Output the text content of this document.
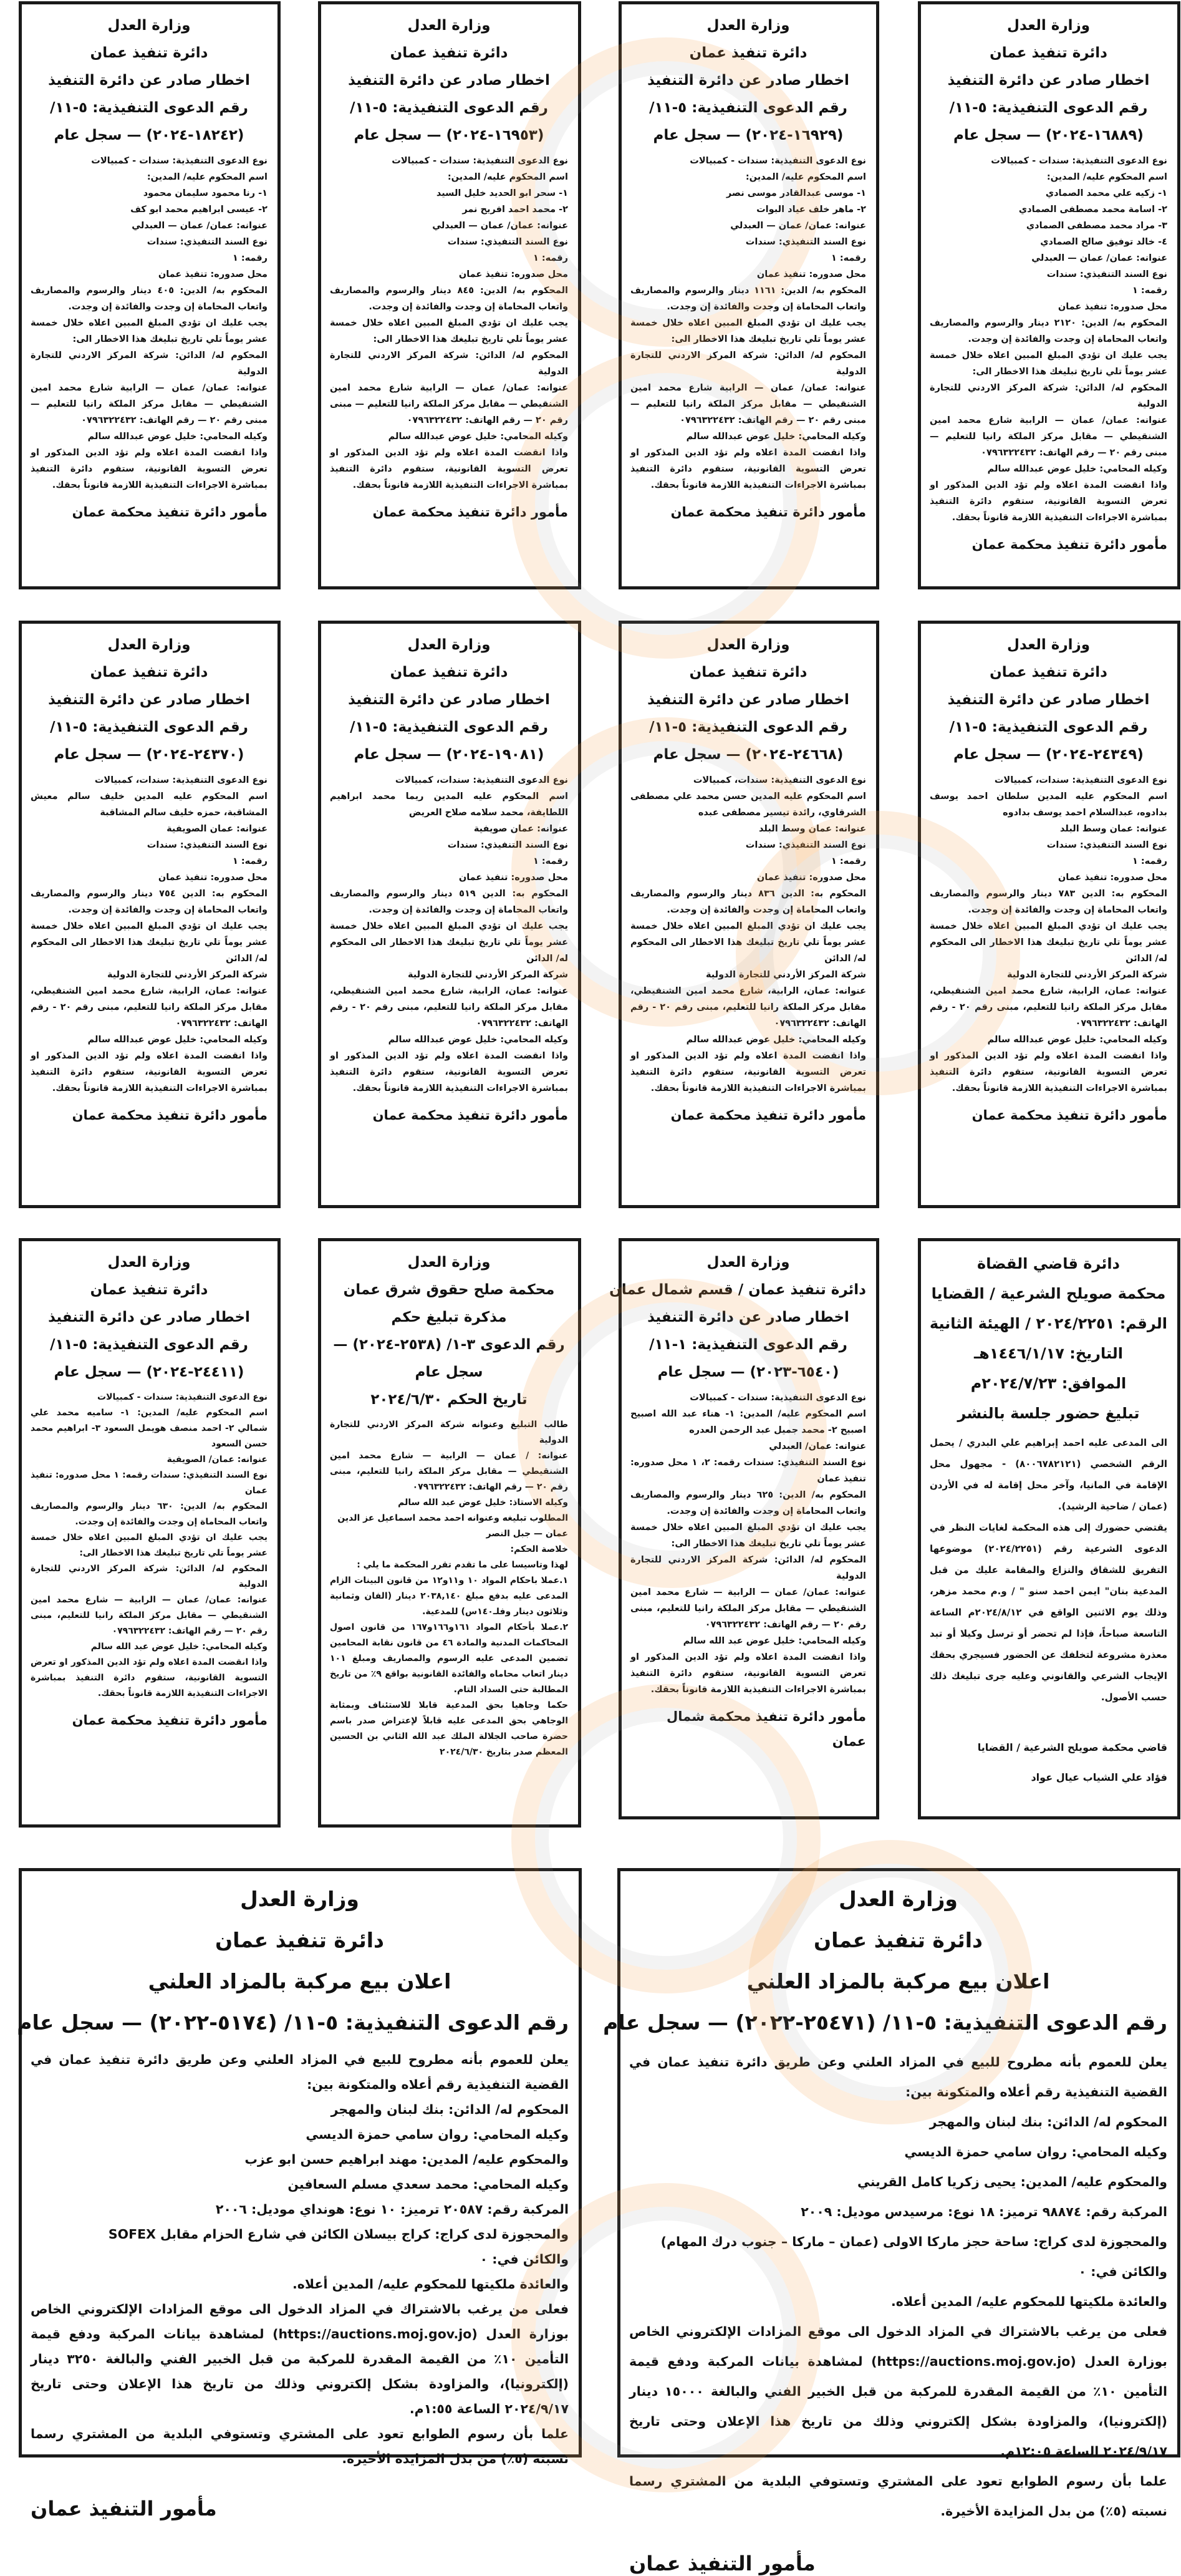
وزارة العدل
دائرة تنفيذ عمان
اخطار صادر عن دائرة التنفيذ
رقم الدعوى التنفيذية: ٥-١١/
(١٦٨٨٩-٢٠٢٤) — سجل عام

نوع الدعوى التنفيذية: سندات - كمبيالات

اسم المحكوم عليه/ المدين:

١- زكيه علي محمد الصمادي

٢- اسامة محمد مصطفى الصمادي

٣- مراد محمد مصطفى الصمادي

٤- خالد توفيق صالح الصمادي

عنوانه: عمان/ عمان — العبدلي

نوع السند التنفيذي: سندات

رقمه: ١

محل صدوره: تنفيذ عمان

المحكوم به/ الدين: ٢١٢٠ دينار والرسوم والمصاريف واتعاب المحاماة إن وجدت والفائدة إن وجدت.

يجب عليك ان تؤدي المبلغ المبين اعلاه خلال خمسة عشر يوماً تلي تاريخ تبليغك هذا الاخطار الى:

المحكوم له/ الدائن: شركة المركز الاردني للتجارة الدولية

عنوانه: عمان/ عمان — الرابية شارع محمد امين الشنقيطي — مقابل مركز الملكة رانيا للتعليم — مبنى رقم ٢٠ — رقم الهاتف: ٠٧٩٦٣٢٢٤٣٢

وكيله المحامي: خليل عوض عبدالله سالم

واذا انقضت المدة اعلاه ولم تؤد الدين المذكور او تعرض التسوية القانونية، ستقوم دائرة التنفيذ بمباشرة الاجراءات التنفيذية اللازمة قانوناً بحقك.

مأمور دائرة تنفيذ محكمة عمان
وزارة العدل
دائرة تنفيذ عمان
اخطار صادر عن دائرة التنفيذ
رقم الدعوى التنفيذية: ٥-١١/
(١٦٩٢٩-٢٠٢٤) — سجل عام

نوع الدعوى التنفيذية: سندات - كمبيالات

اسم المحكوم عليه/ المدين:

١- موسى عبدالقادر موسى نصر

٢- ماهر خلف عياد البوات

عنوانه: عمان/ عمان — العبدلي

نوع السند التنفيذي: سندات

رقمه: ١

محل صدوره: تنفيذ عمان

المحكوم به/ الدين: ١١٦١ دينار والرسوم والمصاريف واتعاب المحاماة إن وجدت والفائدة إن وجدت.

يجب عليك ان تؤدي المبلغ المبين اعلاه خلال خمسة عشر يوماً تلي تاريخ تبليغك هذا الاخطار الى:

المحكوم له/ الدائن: شركة المركز الاردني للتجارة الدولية

عنوانه: عمان/ عمان — الرابية شارع محمد امين الشنقيطي — مقابل مركز الملكة رانيا للتعليم — مبنى رقم ٢٠ — رقم الهاتف: ٠٧٩٦٣٢٢٤٣٢

وكيله المحامي: خليل عوض عبدالله سالم

واذا انقضت المدة اعلاه ولم تؤد الدين المذكور او تعرض التسوية القانونية، ستقوم دائرة التنفيذ بمباشرة الاجراءات التنفيذية اللازمة قانوناً بحقك.

مأمور دائرة تنفيذ محكمة عمان
وزارة العدل
دائرة تنفيذ عمان
اخطار صادر عن دائرة التنفيذ
رقم الدعوى التنفيذية: ٥-١١/
(١٦٩٥٣-٢٠٢٤) — سجل عام

نوع الدعوى التنفيذية: سندات - كمبيالات

اسم المحكوم عليه/ المدين:

١- سحر ابو الحديد خليل السيد

٢- محمد احمد افريح نمر

عنوانه: عمان/ عمان — العبدلي

نوع السند التنفيذي: سندات

رقمه: ١

محل صدوره: تنفيذ عمان

المحكوم به/ الدين: ٨٤٥ دينار والرسوم والمصاريف واتعاب المحاماة إن وجدت والفائدة إن وجدت.

يجب عليك ان تؤدي المبلغ المبين اعلاه خلال خمسة عشر يوماً تلي تاريخ تبليغك هذا الاخطار الى:

المحكوم له/ الدائن: شركة المركز الاردني للتجارة الدولية

عنوانه: عمان/ عمان — الرابية شارع محمد امين الشنقيطي — مقابل مركز الملكة رانيا للتعليم — مبنى رقم ٢٠ — رقم الهاتف: ٠٧٩٦٣٢٢٤٣٢

وكيله المحامي: خليل عوض عبدالله سالم

واذا انقضت المدة اعلاه ولم تؤد الدين المذكور او تعرض التسوية القانونية، ستقوم دائرة التنفيذ بمباشرة الاجراءات التنفيذية اللازمة قانوناً بحقك.

مأمور دائرة تنفيذ محكمة عمان
وزارة العدل
دائرة تنفيذ عمان
اخطار صادر عن دائرة التنفيذ
رقم الدعوى التنفيذية: ٥-١١/
(١٨٢٤٢-٢٠٢٤) — سجل عام

نوع الدعوى التنفيذية: سندات - كمبيالات

اسم المحكوم عليه/ المدين:

١- رنا محمود سليمان محمود

٢- عيسى ابراهيم محمد ابو كف

عنوانه: عمان/ عمان — العبدلي

نوع السند التنفيذي: سندات

رقمه: ١

محل صدوره: تنفيذ عمان

المحكوم به/ الدين: ٤٠٥ دينار والرسوم والمصاريف واتعاب المحاماة إن وجدت والفائدة إن وجدت.

يجب عليك ان تؤدي المبلغ المبين اعلاه خلال خمسة عشر يوماً تلي تاريخ تبليغك هذا الاخطار الى:

المحكوم له/ الدائن: شركة المركز الاردني للتجارة الدولية

عنوانه: عمان/ عمان — الرابية شارع محمد امين الشنقيطي — مقابل مركز الملكة رانيا للتعليم — مبنى رقم ٢٠ — رقم الهاتف: ٠٧٩٦٣٢٢٤٣٢

وكيله المحامي: خليل عوض عبدالله سالم

واذا انقضت المدة اعلاه ولم تؤد الدين المذكور او تعرض التسوية القانونية، ستقوم دائرة التنفيذ بمباشرة الاجراءات التنفيذية اللازمة قانوناً بحقك.

مأمور دائرة تنفيذ محكمة عمان
وزارة العدل
دائرة تنفيذ عمان
اخطار صادر عن دائرة التنفيذ
رقم الدعوى التنفيذية: ٥-١١/
(٢٤٣٤٩-٢٠٢٤) — سجل عام

نوع الدعوى التنفيذية: سندات، كمبيالات

اسم المحكوم عليه المدين سلطان احمد يوسف بدادوه، عبدالسلام احمد يوسف بدادوه

عنوانه: عمان وسط البلد

نوع السند التنفيذي: سندات

رقمه: ١

محل صدوره: تنفيذ عمان

المحكوم به: الدين ٧٨٣ دينار والرسوم والمصاريف واتعاب المحاماة إن وجدت والفائدة إن وجدت.

يجب عليك ان تؤدي المبلغ المبين اعلاه خلال خمسة عشر يوماً تلي تاريخ تبليغك هذا الاخطار الى المحكوم له/ الدائن

شركة المركز الأردني للتجارة الدولية

عنوانه: عمان، الرابية، شارع محمد امين الشنقيطي، مقابل مركز الملكة رانيا للتعليم، مبنى رقم ٢٠ - رقم الهاتف: ٠٧٩٦٣٢٢٤٣٢

وكيله المحامي: خليل عوض عبدالله سالم

واذا انقضت المدة اعلاه ولم تؤد الدين المذكور او تعرض التسوية القانونية، ستقوم دائرة التنفيذ بمباشرة الاجراءات التنفيذية اللازمة قانوناً بحقك.

مأمور دائرة تنفيذ محكمة عمان
وزارة العدل
دائرة تنفيذ عمان
اخطار صادر عن دائرة التنفيذ
رقم الدعوى التنفيذية: ٥-١١/
(٢٤٦٦٨-٢٠٢٤) — سجل عام

نوع الدعوى التنفيذية: سندات، كمبيالات

اسم المحكوم عليه المدين حسن محمد علي مصطفى الشرقاوي، رائدة تيسير مصطفى عبده

عنوانه: عمان وسط البلد

نوع السند التنفيذي: سندات

رقمه: ١

محل صدوره: تنفيذ عمان

المحكوم به: الدين ٨٣٦ دينار والرسوم والمصاريف واتعاب المحاماة إن وجدت والفائدة إن وجدت.

يجب عليك ان تؤدي المبلغ المبين اعلاه خلال خمسة عشر يوماً تلي تاريخ تبليغك هذا الاخطار الى المحكوم له/ الدائن

شركة المركز الأردني للتجارة الدولية

عنوانه: عمان، الرابية، شارع محمد امين الشنقيطي، مقابل مركز الملكة رانيا للتعليم، مبنى رقم ٢٠ - رقم الهاتف: ٠٧٩٦٣٢٢٤٣٢

وكيله المحامي: خليل عوض عبدالله سالم

واذا انقضت المدة اعلاه ولم تؤد الدين المذكور او تعرض التسوية القانونية، ستقوم دائرة التنفيذ بمباشرة الاجراءات التنفيذية اللازمة قانوناً بحقك.

مأمور دائرة تنفيذ محكمة عمان
وزارة العدل
دائرة تنفيذ عمان
اخطار صادر عن دائرة التنفيذ
رقم الدعوى التنفيذية: ٥-١١/
(١٩٠٨١-٢٠٢٤) — سجل عام

نوع الدعوى التنفيذية: سندات، كمبيالات

اسم المحكوم عليه المدين ريما محمد ابراهيم اللطايفة، محمد سلامه صلاح العريض

عنوانه: عمان صويفية

نوع السند التنفيذي: سندات

رقمه: ١

محل صدوره: تنفيذ عمان

المحكوم به: الدين ٥١٩ دينار والرسوم والمصاريف واتعاب المحاماة إن وجدت والفائدة إن وجدت.

يجب عليك ان تؤدي المبلغ المبين اعلاه خلال خمسة عشر يوماً تلي تاريخ تبليغك هذا الاخطار الى المحكوم له/ الدائن

شركة المركز الأردني للتجارة الدولية

عنوانه: عمان، الرابية، شارع محمد امين الشنقيطي، مقابل مركز الملكة رانيا للتعليم، مبنى رقم ٢٠ - رقم الهاتف: ٠٧٩٦٣٢٢٤٣٢

وكيله المحامي: خليل عوض عبدالله سالم

واذا انقضت المدة اعلاه ولم تؤد الدين المذكور او تعرض التسوية القانونية، ستقوم دائرة التنفيذ بمباشرة الاجراءات التنفيذية اللازمة قانوناً بحقك.

مأمور دائرة تنفيذ محكمة عمان
وزارة العدل
دائرة تنفيذ عمان
اخطار صادر عن دائرة التنفيذ
رقم الدعوى التنفيذية: ٥-١١/
(٢٤٣٧٠-٢٠٢٤) — سجل عام

نوع الدعوى التنفيذية: سندات، كمبيالات

اسم المحكوم عليه المدين خليف سالم معيش المشاقبة، حمزه خليف سالم المشاقبة

عنوانه: عمان الصويفية

نوع السند التنفيذي: سندات

رقمه: ١

محل صدوره: تنفيذ عمان

المحكوم به: الدين ٧٥٤ دينار والرسوم والمصاريف واتعاب المحاماة إن وجدت والفائدة إن وجدت.

يجب عليك ان تؤدي المبلغ المبين اعلاه خلال خمسة عشر يوماً تلي تاريخ تبليغك هذا الاخطار الى المحكوم له/ الدائن

شركة المركز الأردني للتجارة الدولية

عنوانه: عمان، الرابية، شارع محمد امين الشنقيطي، مقابل مركز الملكة رانيا للتعليم، مبنى رقم ٢٠ - رقم الهاتف: ٠٧٩٦٣٢٢٤٣٢

وكيله المحامي: خليل عوض عبدالله سالم

واذا انقضت المدة اعلاه ولم تؤد الدين المذكور او تعرض التسوية القانونية، ستقوم دائرة التنفيذ بمباشرة الاجراءات التنفيذية اللازمة قانوناً بحقك.

مأمور دائرة تنفيذ محكمة عمان
دائرة قاضي القضاة
محكمة صويلح الشرعية / القضايا
الرقم: ٢٠٢٤/٢٢٥١ / الهيئة الثانية
التاريخ: ١٤٤٦/١/١٧هـ
الموافق: ٢٠٢٤/٧/٢٣م
تبليغ حضور جلسة بالنشر

الى المدعى عليه احمد إبراهيم علي البدري / يحمل الرقم الشخصي (٨٠٠٦٧٨٢١٢١) - مجهول محل الإقامة في المانيا، وآخر محل إقامة له في الأردن (عمان / ضاحية الرشيد).

يقتضي حضورك إلى هذه المحكمة لغايات النظر في الدعوى الشرعية رقم (٢٠٢٤/٢٢٥١) موضوعها التفريق للشقاق والنزاع والمقامة عليك من قبل المدعية بنان" ايمن احمد سنو " / و.م محمد مزهر، وذلك يوم الاثنين الواقع في ٢٠٢٤/٨/١٢م الساعة التاسعة صباحاً، فإذا لم تحضر أو ترسل وكيلا أو تبد معذرة مشروعة لتخلفك عن الحضور فسيجري بحقك الإيجاب الشرعي والقانوني وعليه جرى تبليغك ذلك حسب الأصول.

قاضي محكمة صويلح الشرعية / القضايا
فؤاد علي الشياب عيال عواد
وزارة العدل
دائرة تنفيذ عمان / قسم شمال عمان
اخطار صادر عن دائرة التنفيذ
رقم الدعوى التنفيذية: ١-١١/
(٦٥٤٠-٢٠٢٣) — سجل عام

نوع الدعوى التنفيذية: سندات - كمبيالات

اسم المحكوم عليه/ المدين: ١- هناء عبد الله اصبيح اصبيح ٢- محمد جميل عبد الرحمن العدره

عنوانه: عمان/ العبدلي

نوع السند التنفيذي: سندات رقمه: ٢، ١ محل صدوره: تنفيذ عمان

المحكوم به/ الدين: ٦٢٥ دينار والرسوم والمصاريف واتعاب المحاماة إن وجدت والفائدة إن وجدت.

يجب عليك ان تؤدي المبلغ المبين اعلاه خلال خمسة عشر يوماً تلي تاريخ تبليغك هذا الاخطار الى:

المحكوم له/ الدائن: شركة المركز الاردني للتجارة الدولية

عنوانه: عمان/ عمان — الرابية — شارع محمد امين الشنقيطي — مقابل مركز الملكة رانيا للتعليم، مبنى رقم ٢٠ — رقم الهاتف: ٠٧٩٦٣٢٢٤٣٢

وكيله المحامي: خليل عوض عبد الله سالم

واذا انقضت المدة اعلاه ولم تؤد الدين المذكور او تعرض التسوية القانونية، ستقوم دائرة التنفيذ بمباشرة الاجراءات التنفيذية اللازمة قانوناً بحقك.

مأمور دائرة تنفيذ محكمة شمال عمان
وزارة العدل
محكمة صلح حقوق شرق عمان
مذكرة تبليغ حكم
رقم الدعوى ٣-١/ (٢٥٣٨-٢٠٢٤) —
سجل عام
تاريخ الحكم ٢٠٢٤/٦/٣٠

طالب التبليغ وعنوانه شركة المركز الاردني للتجارة الدولية

عنوانه: / عمان — الرابية — شارع محمد امين الشنقيطي — مقابل مركز الملكة رانيا للتعليم، مبنى رقم ٢٠ — رقم الهاتف: ٠٧٩٦٣٢٢٤٣٢

وكيله الاستاذ: خليل عوض عبد الله سالم

المطلوب تبليغه وعنوانه احمد محمد اسماعيل عز الدين

عمان — جبل النصر

خلاصة الحكم:

لهذا وتاسيسا على ما تقدم تقرر المحكمة ما يلي :

١.عملا باحكام المواد ١٠ و١١و١٢ من قانون البينات الزام المدعى عليه بدفع مبلغ ٢٠٣٨,١٤٠ دينار (الفان وثمانية وثلاثون دينار وفلـ١٤٠س) للمدعية.

٢.عملا بأحكام المواد ١٦١و١٦٦و١٦٧ من قانون اصول المحاكمات المدنية والمادة ٤٦ من قانون نقابة المحامين تضمين المدعى عليه الرسوم والمصاريف ومبلغ ١٠١ دينار اتعاب محاماه والفائدة القانونية بواقع ٩٪ من تاريخ المطالبة حتى السداد التام.

حكما وجاهيا بحق المدعية قابلا للاستئناف وبمثابة الوجاهي بحق المدعى عليه قابلاً لإعتراض صدر باسم حضرة صاحب الجلالة الملك عبد الله الثاني بن الحسين المعظم صدر بتاريخ ٢٠٢٤/٦/٣٠

وزارة العدل
دائرة تنفيذ عمان
اخطار صادر عن دائرة التنفيذ
رقم الدعوى التنفيذية: ٥-١١/
(٢٤٤١١-٢٠٢٤) — سجل عام

نوع الدعوى التنفيذية: سندات - كمبيالات

اسم المحكوم عليه/ المدين: ١- ساميه محمد علي شمالي ٢- احمد منصف هويمل السعود ٣- ابراهيم محمد حسن السعود

عنوانه: عمان/ الصويفية

نوع السند التنفيذي: سندات رقمه: ١ محل صدوره: تنفيذ عمان

المحكوم به/ الدين: ٦٣٠ دينار والرسوم والمصاريف واتعاب المحاماة إن وجدت والفائدة إن وجدت.

يجب عليك ان تؤدي المبلغ المبين اعلاه خلال خمسة عشر يوماً تلي تاريخ تبليغك هذا الاخطار الى:

المحكوم له/ الدائن: شركة المركز الاردني للتجارة الدولية

عنوانه: عمان/ عمان — الرابية — شارع محمد امين الشنقيطي — مقابل مركز الملكة رانيا للتعليم، مبنى رقم ٢٠ — رقم الهاتف: ٠٧٩٦٣٢٢٤٣٢

وكيله المحامي: خليل عوض عبد الله سالم

واذا انقضت المدة اعلاه ولم تؤد الدين المذكور او تعرض التسوية القانونية، ستقوم دائرة التنفيذ بمباشرة الاجراءات التنفيذية اللازمة قانوناً بحقك.

مأمور دائرة تنفيذ محكمة عمان
وزارة العدل
دائرة تنفيذ عمان
اعلان بيع مركبة بالمزاد العلني
رقم الدعوى التنفيذية: ٥-١١/ (٢٥٤٧١-٢٠٢٢) — سجل عام

يعلن للعموم بأنه مطروح للبيع في المزاد العلني وعن طريق دائرة تنفيذ عمان في القضية التنفيذية رقم أعلاه والمتكونة بين:

المحكوم له/ الدائن: بنك لبنان والمهجر

وكيله المحامي: روان سامي حمزة الديسي

والمحكوم عليه/ المدين: يحيى زكريا كامل القريني

المركبة رقم: ٩٨٨٧٤ ترميز: ١٨ نوع: مرسيدس موديل: ٢٠٠٩

والمحجوزة لدى كراج: ساحة حجز ماركا الاولى (عمان – ماركا – جنوب درك المهام)

والكائن في: ٠

والعائدة ملكيتها للمحكوم عليه/ المدين أعلاه.

فعلى من يرغب بالاشتراك في المزاد الدخول الى موقع المزادات الإلكتروني الخاص بوزارة العدل (https://auctions.moj.gov.jo) لمشاهدة بيانات المركبة ودفع قيمة التأمين ١٠٪ من القيمة المقدرة للمركبة من قبل الخبير الفني والبالغة ١٥٠٠٠ دينار (إلكترونيا)، والمزاودة بشكل إلكتروني وذلك من تاريخ هذا الإعلان وحتى تاريخ ٢٠٢٤/٩/١٧ الساعة ١٢:٠٥م.

علما بأن رسوم الطوابع تعود على المشتري وتستوفي البلدية من المشتري رسما نسبته (٥٪) من بدل المزايدة الأخيرة.

مأمور التنفيذ عمان
وزارة العدل
دائرة تنفيذ عمان
اعلان بيع مركبة بالمزاد العلني
رقم الدعوى التنفيذية: ٥-١١/ (٥١٧٤-٢٠٢٢) — سجل عام

يعلن للعموم بأنه مطروح للبيع في المزاد العلني وعن طريق دائرة تنفيذ عمان في القضية التنفيذية رقم أعلاه والمتكونة بين:

المحكوم له/ الدائن: بنك لبنان والمهجر

وكيله المحامي: روان سامي حمزة الديسي

والمحكوم عليه/ المدين: مهند ابراهيم حسن ابو عزب

وكيله المحامي: محمد سعدي مسلم السعافين

المركبة رقم: ٢٠٥٨٧ ترميز: ١٠ نوع: هونداي موديل: ٢٠٠٦

والمحجوزة لدى كراج: كراج بيسلان الكائن في شارع الحزام مقابل SOFEX

والكائن في: ٠

والعائدة ملكيتها للمحكوم عليه/ المدين أعلاه.

فعلى من يرغب بالاشتراك في المزاد الدخول الى موقع المزادات الإلكتروني الخاص بوزارة العدل (https://auctions.moj.gov.jo) لمشاهدة بيانات المركبة ودفع قيمة التأمين ١٠٪ من القيمة المقدرة للمركبة من قبل الخبير الفني والبالغة ٣٢٥٠ دينار (إلكترونيا)، والمزاودة بشكل إلكتروني وذلك من تاريخ هذا الإعلان وحتى تاريخ ٢٠٢٤/٩/١٧ الساعة ١:٥٥م.

علما بأن رسوم الطوابع تعود على المشتري وتستوفي البلدية من المشتري رسما نسبته (٥٪) من بدل المزايدة الأخيرة.

مأمور التنفيذ عمان
